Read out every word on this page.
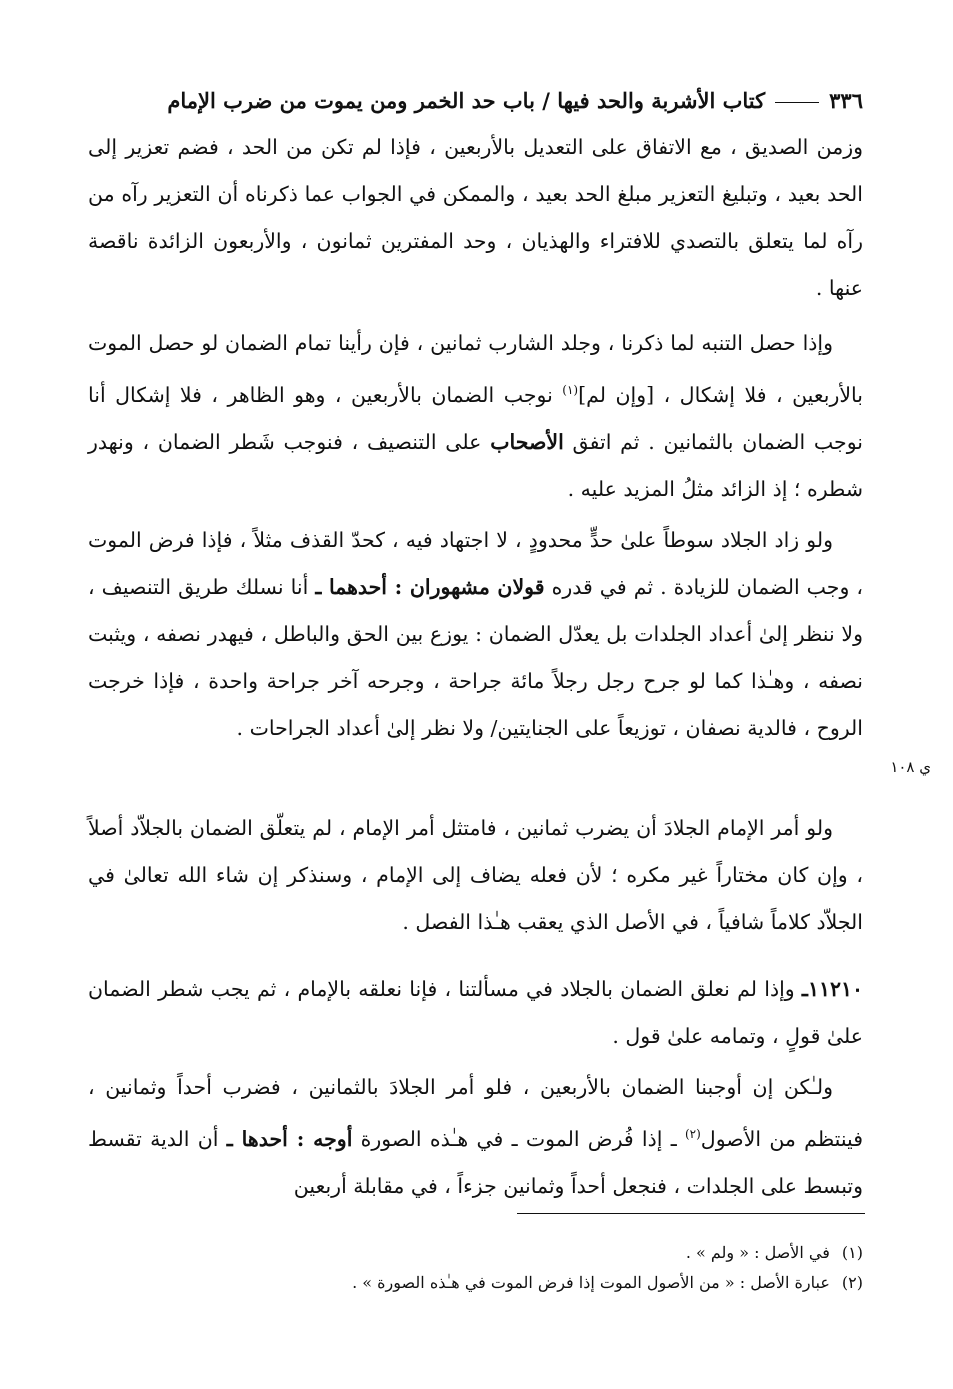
٣٣٦
كتاب الأشربة والحد فيها / باب حد الخمر ومن يموت من ضرب الإمام
وزمن الصديق ، مع الاتفاق على التعديل بالأربعين ، فإذا لم تكن من الحد ، فضم تعزير إلى الحد بعيد ، وتبليغ التعزير مبلغ الحد بعيد ، والممكن في الجواب عما ذكرناه أن التعزير رآه من رآه لما يتعلق بالتصدي للافتراء والهذيان ، وحد المفترين ثمانون ، والأربعون الزائدة ناقصة عنها .
وإذا حصل التنبه لما ذكرنا ، وجلد الشارب ثمانين ، فإن رأينا تمام الضمان لو حصل الموت بالأربعين ، فلا إشكال ، [وإن لم]$^{(١)}$ نوجب الضمان بالأربعين ، وهو الظاهر ، فلا إشكال أنا نوجب الضمان بالثمانين . ثم اتفق الأصحاب على التنصيف ، فنوجب شَطر الضمان ، ونهدر شطره ؛ إذ الزائد مثلُ المزيد عليه .
ولو زاد الجلاد سوطاً علىٰ حدٍّ محدودٍ ، لا اجتهاد فيه ، كحدّ القذف مثلاً ، فإذا فرض الموت ، وجب الضمان للزيادة . ثم في قدره قولان مشهوران : أحدهما ـ أنا نسلك طريق التنصيف ، ولا ننظر إلىٰ أعداد الجلدات بل يعدّل الضمان : يوزع بين الحق والباطل ، فيهدر نصفه ، ويثبت نصفه ، وهـٰذا كما لو جرح رجل رجلاً مائة جراحة ، وجرحه آخر جراحة واحدة ، فإذا خرجت الروح ، فالدية نصفان ، توزيعاً على الجنايتين/ ولا نظر إلىٰ أعداد الجراحات .
ي ١٠٨
ولو أمر الإمام الجلادَ أن يضرب ثمانين ، فامتثل أمر الإمام ، لم يتعلّق الضمان بالجلاّد أصلاً ، وإن كان مختاراً غير مكره ؛ لأن فعله يضاف إلى الإمام ، وسنذكر إن شاء الله تعالىٰ في الجلاّد كلاماً شافياً ، في الأصل الذي يعقب هـٰذا الفصل .
١١٢١٠ـ وإذا لم نعلق الضمان بالجلاد في مسألتنا ، فإنا نعلقه بالإمام ، ثم يجب شطر الضمان علىٰ قولٍ ، وتمامه علىٰ قول .
ولـٰكن إن أوجبنا الضمان بالأربعين ، فلو أمر الجلادَ بالثمانين ، فضرب أحداً وثمانين ، فينتظم من الأصول$^{(٢)}$ ـ إذا فُرض الموت ـ في هـٰذه الصورة أوجه : أحدها ـ أن الدية تقسط وتبسط على الجلدات ، فنجعل أحداً وثمانين جزءاً ، في مقابلة أربعين
(١)في الأصل : « ولم » .
(٢)عبارة الأصل : « من الأصول الموت إذا فرض الموت في هـٰذه الصورة » .
